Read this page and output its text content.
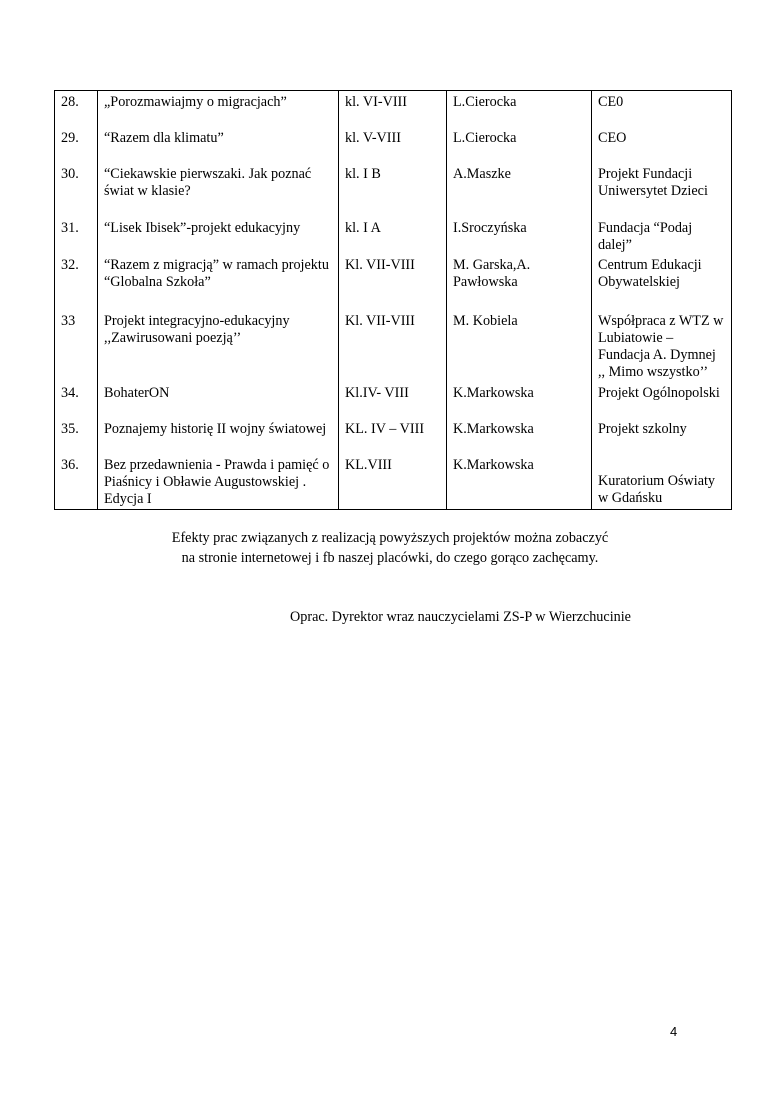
28.	„Porozmawiajmy o migracjach”	kl. VI-VIII	L.Cierocka	CE0
29.	“Razem dla klimatu”	kl. V-VIII	L.Cierocka	CEO
30.	“Ciekawskie pierwszaki. Jak poznać świat w klasie?	kl. I B	A.Maszke	Projekt Fundacji Uniwersytet Dzieci
31.	“Lisek Ibisek”-projekt edukacyjny	kl. I A	I.Sroczyńska	Fundacja “Podaj dalej”
32.	“Razem z migracją” w ramach projektu “Globalna Szkoła”	Kl. VII-VIII	M. Garska,A. Pawłowska	Centrum Edukacji Obywatelskiej
33	Projekt integracyjno-edukacyjny ,,Zawirusowani poezją’’	Kl. VII-VIII	M. Kobiela	Współpraca z WTZ w Lubiatowie – Fundacja A. Dymnej ,, Mimo wszystko’’
34.	BohaterON	Kl.IV- VIII	K.Markowska	Projekt Ogólnopolski
35.	Poznajemy historię II wojny światowej	KL. IV – VIII	K.Markowska	Projekt szkolny
36.	Bez przedawnienia - Prawda i pamięć o Piaśnicy i Obławie Augustowskiej . Edycja I	KL.VIII	K.Markowska	Kuratorium Oświaty w Gdańsku
Efekty prac związanych z realizacją powyższych projektów można zobaczyć
na stronie internetowej i fb naszej placówki, do czego gorąco zachęcamy.
Oprac. Dyrektor wraz nauczycielami ZS-P w Wierzchucinie
4
